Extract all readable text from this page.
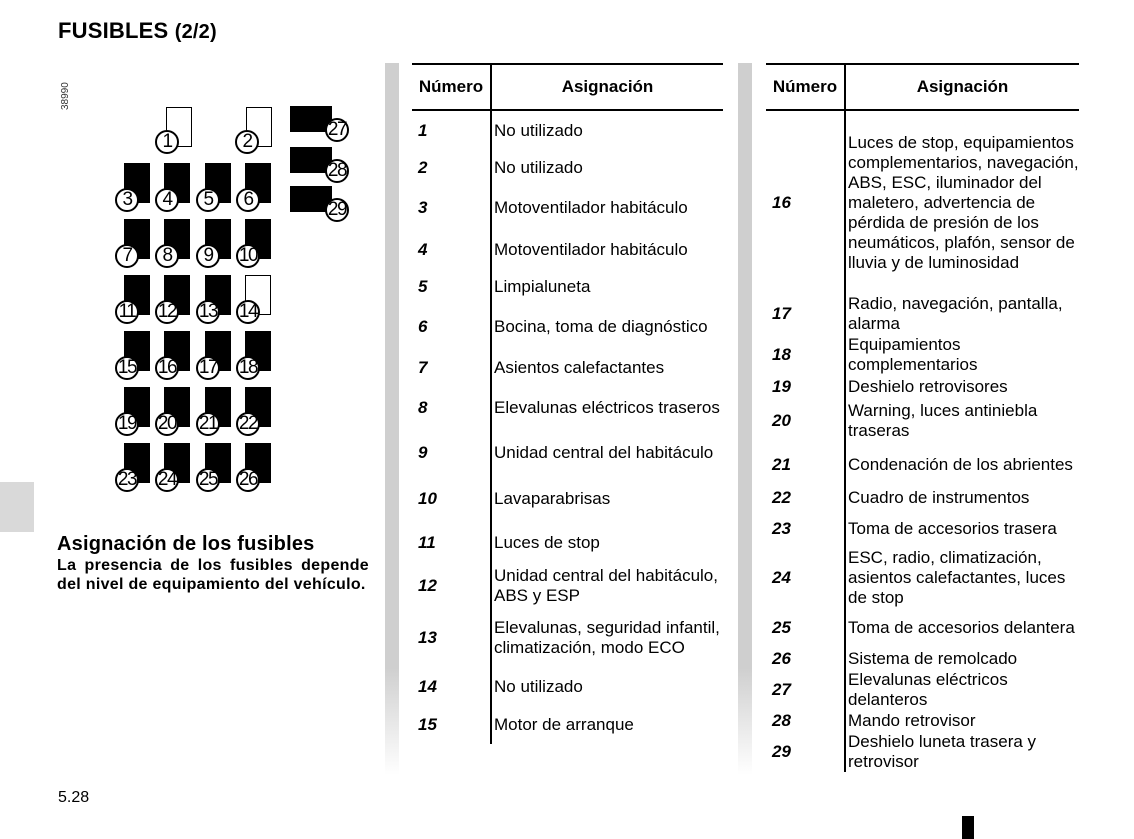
FUSIBLES (2/2)
38990
1	2
3	4	5	6
7	8	9	10
11 12 13 14
15 16 17 18
19 20 21 22
23 24 25 26
27
28
29
Asignación de los fusibles
La presencia de los fusibles depende del nivel de equipamiento del vehículo.
Número	Asignación
1	No utilizado
2	No utilizado
3	Motoventilador habitáculo
4	Motoventilador habitáculo
5	Limpialuneta
6	Bocina, toma de diagnóstico
7	Asientos calefactantes
8	Elevalunas eléctricos traseros
9	Unidad central del habitáculo
10	Lavaparabrisas
11	Luces de stop
12	Unidad central del habitáculo, ABS y ESP
13	Elevalunas, seguridad infantil, climatización, modo ECO
14	No utilizado
15	Motor de arranque
Número	Asignación
16	Luces de stop, equipamientos complementarios, navegación, ABS, ESC, iluminador del maletero, advertencia de pérdida de presión de los neumáticos, plafón, sensor de lluvia y de luminosidad
17	Radio, navegación, pantalla, alarma
18	Equipamientos complementarios
19	Deshielo retrovisores
20	Warning, luces antiniebla traseras
21	Condenación de los abrientes
22	Cuadro de instrumentos
23	Toma de accesorios trasera
24	ESC, radio, climatización, asientos calefactantes, luces de stop
25	Toma de accesorios delantera
26	Sistema de remolcado
27	Elevalunas eléctricos delanteros
28	Mando retrovisor
29	Deshielo luneta trasera y retrovisor
5.28
